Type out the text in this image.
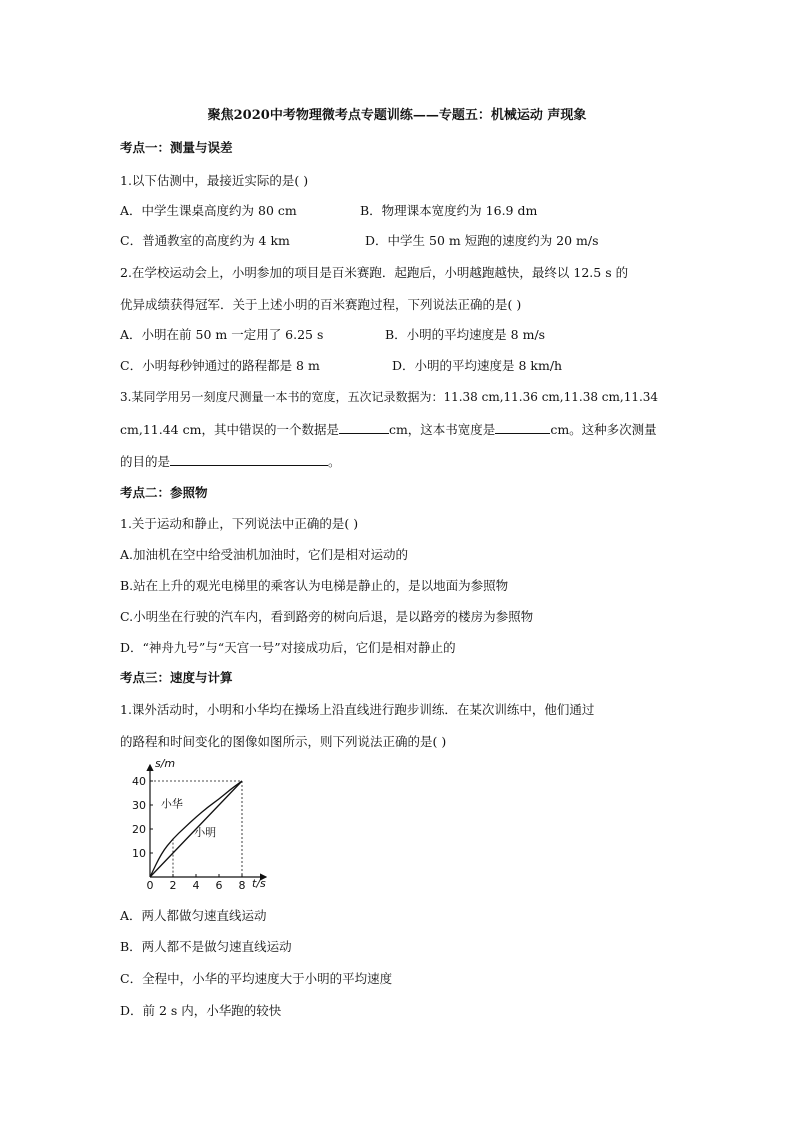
聚焦2020中考物理微考点专题训练——专题五：机械运动 声现象
考点一：测量与误差
1.以下估测中，最接近实际的是( )
A．中学生课桌高度约为 80 cm	B．物理课本宽度约为 16.9 dm
C．普通教室的高度约为 4 km	D．中学生 50 m 短跑的速度约为 20 m/s
2.在学校运动会上，小明参加的项目是百米赛跑．起跑后，小明越跑越快，最终以 12.5 s 的
优异成绩获得冠军．关于上述小明的百米赛跑过程，下列说法正确的是( )
A．小明在前 50 m 一定用了 6.25 s	B．小明的平均速度是 8 m/s
C．小明每秒钟通过的路程都是 8 m	D．小明的平均速度是 8 km/h
3.某同学用另一刻度尺测量一本书的宽度，五次记录数据为：11.38 cm,11.36 cm,11.38 cm,11.34
cm,11.44 cm，其中错误的一个数据是	cm，这本书宽度是	cm。这种多次测量
的目的是	。
考点二：参照物
1.关于运动和静止，下列说法中正确的是( )
A.加油机在空中给受油机加油时，它们是相对运动的
B.站在上升的观光电梯里的乘客认为电梯是静止的，是以地面为参照物
C.小明坐在行驶的汽车内，看到路旁的树向后退，是以路旁的楼房为参照物
D．“神舟九号”与“天宫一号”对接成功后，它们是相对静止的
考点三：速度与计算
1.课外活动时，小明和小华均在操场上沿直线进行跑步训练．在某次训练中，他们通过
的路程和时间变化的图像如图所示，则下列说法正确的是( )
s/m
t/s
10
20
30
40
0 2 4 6 8
小华
小明
A．两人都做匀速直线运动
B．两人都不是做匀速直线运动
C．全程中，小华的平均速度大于小明的平均速度
D．前 2 s 内，小华跑的较快
